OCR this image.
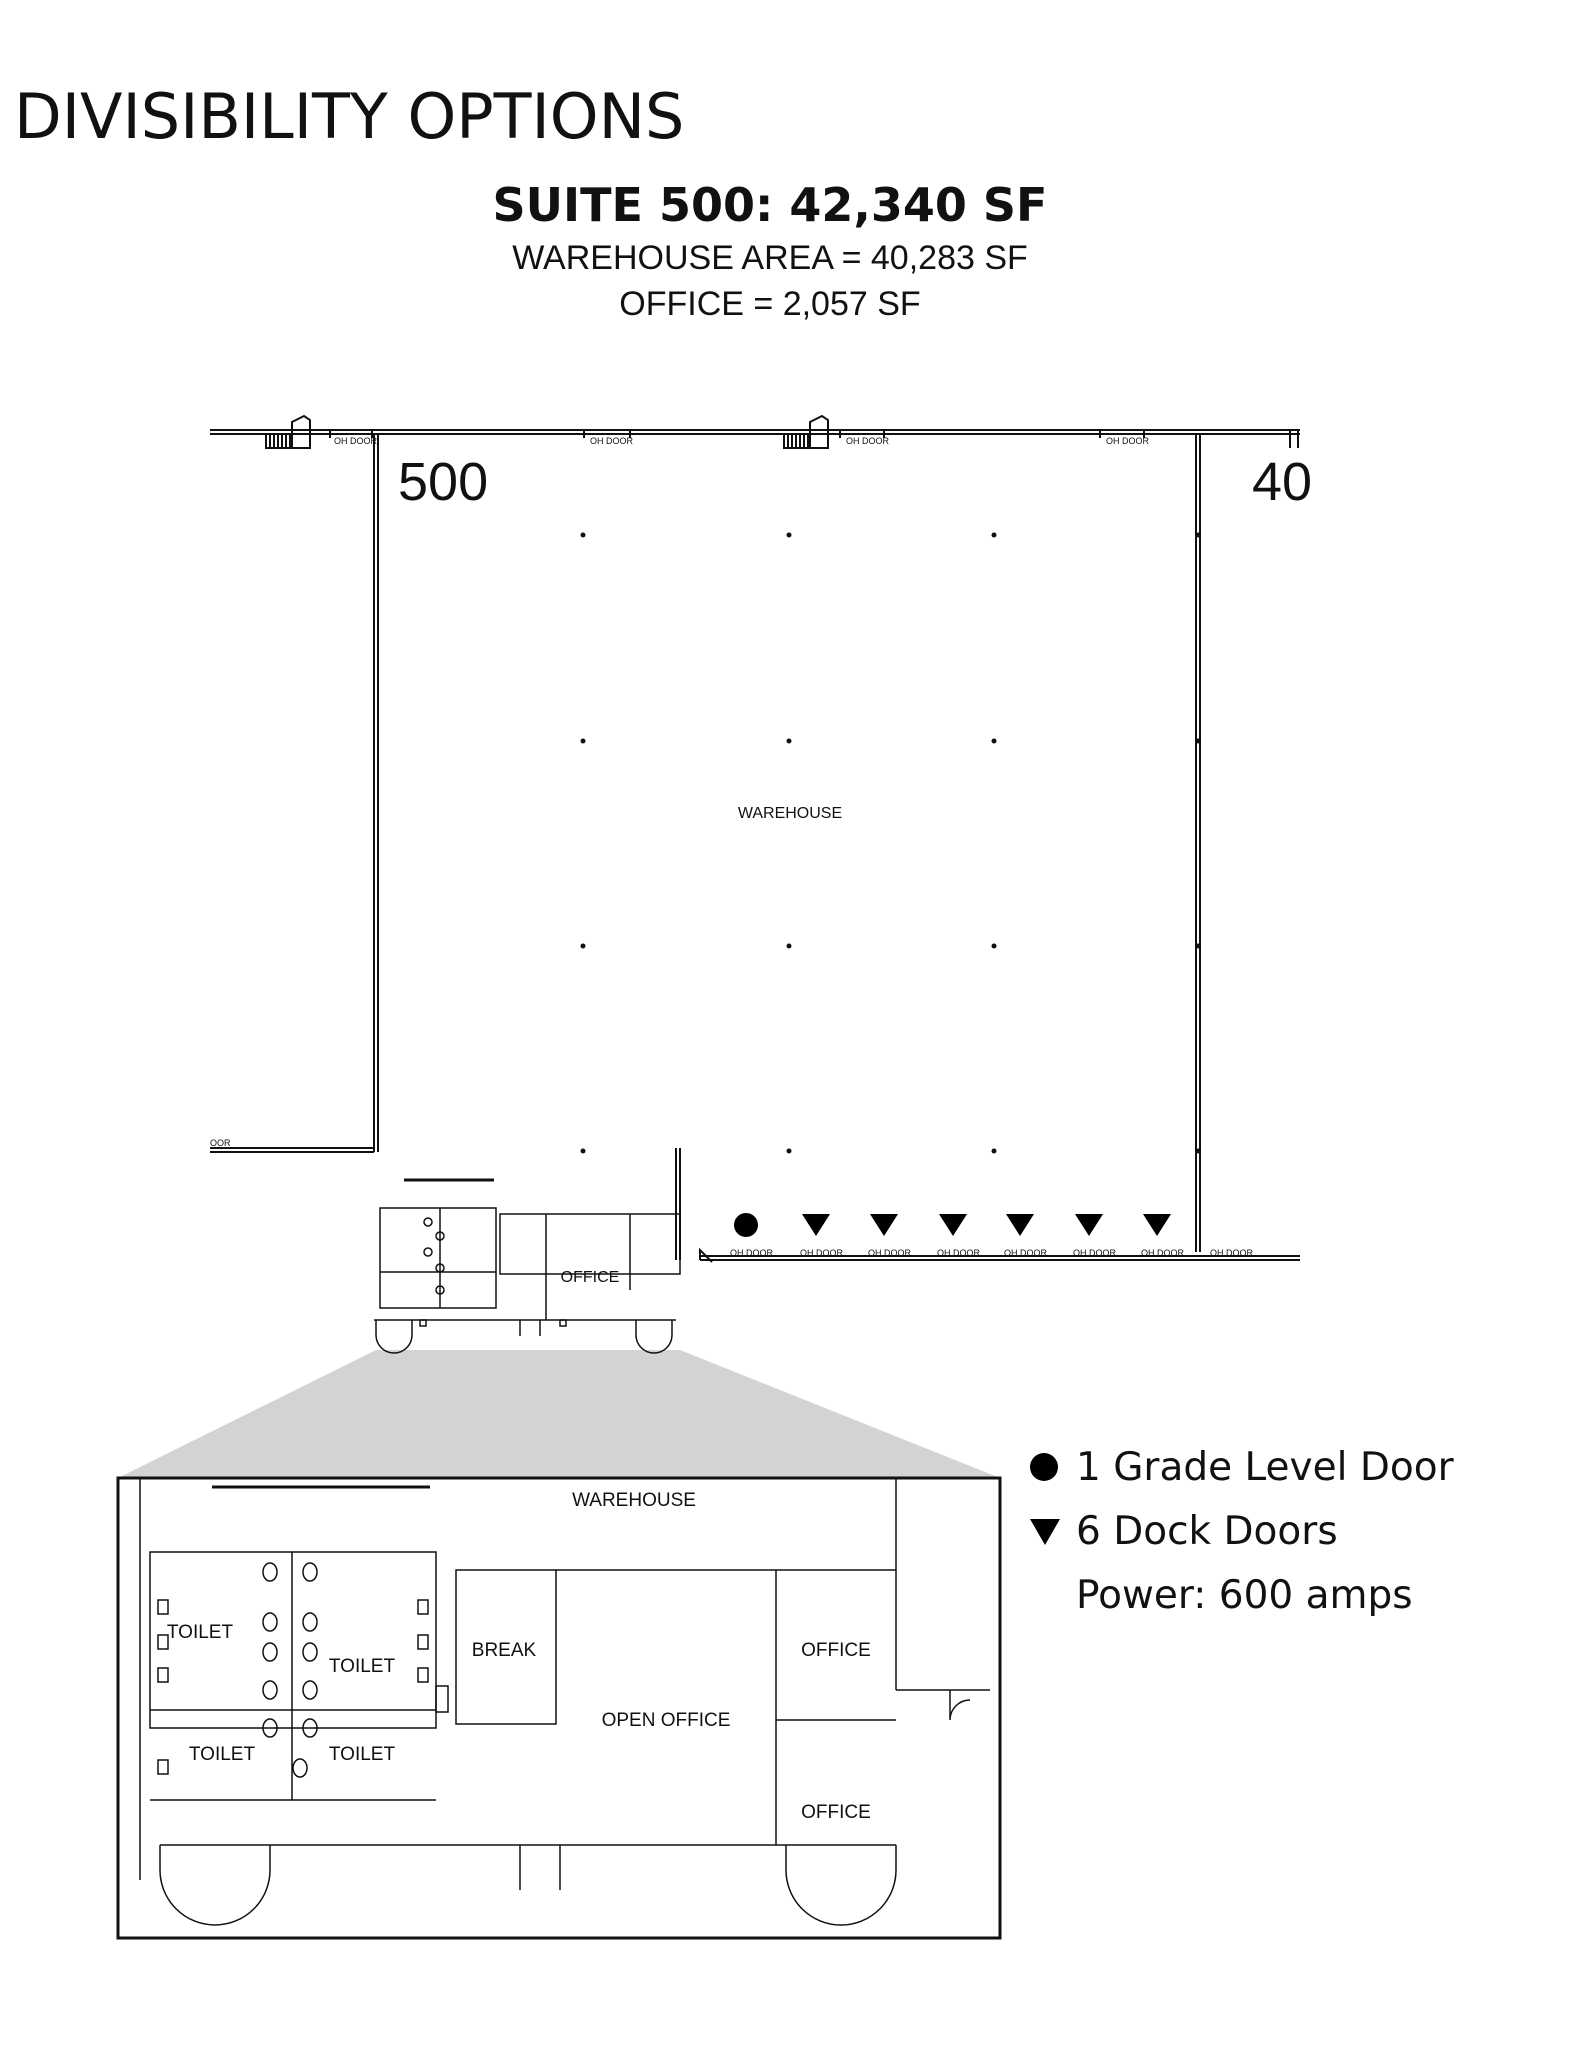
DIVISIBILITY OPTIONS

SUITE 500: 42,340 SF

WAREHOUSE AREA = 40,283 SF

OFFICE = 2,057 SF

500	40
WAREHOUSE
OFFICE
OOR
OH DOOR	OH DOOR	OH DOOR	OH DOOR
OH DOOR	OH DOOR	OH DOOR	OH DOOR	OH DOOR	OH DOOR	OH DOOR	OH DOOR
WAREHOUSE
TOILET
TOILET
TOILET	TOILET
BREAK
OPEN OFFICE
OFFICE
OFFICE
1 Grade Level Door
6 Dock Doors
Power: 600 amps
